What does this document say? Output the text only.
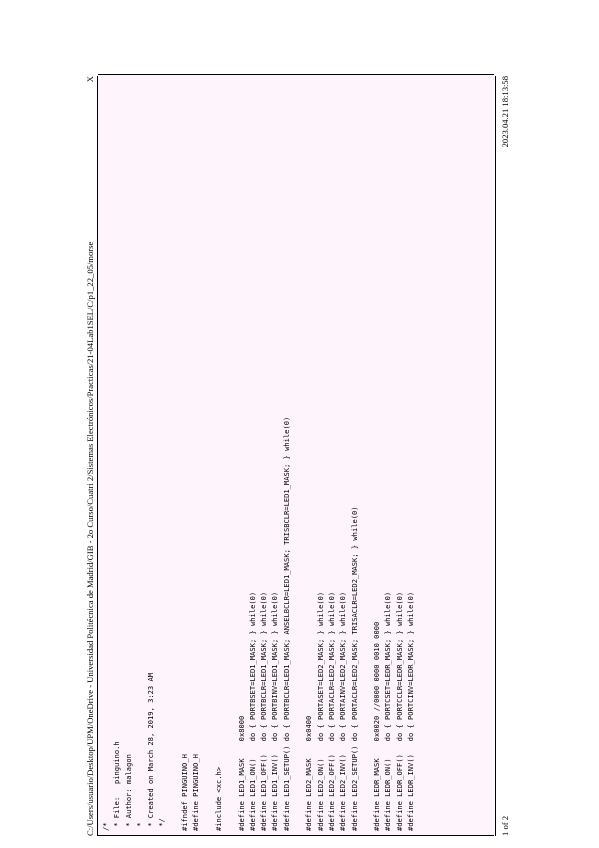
C:/Users/usuario/Desktop/UPM/OneDrive - Universidad Politécnica de Madrid/GIB - 2o Curso/Cuatri 2/Sistemas Electrónicos/Practicas/21-04Lab1SEL/C/p1_22_05/morse
X
/* * File:   pinguino.h * Author: malagon * * Created on March 28, 2019, 3:23 AM */ #ifndef PINGUINO_H #define PINGUINO_H #include <xc.h> #define LED1_MASK    0x8000 #define LED1_ON()    do { PORTBSET=LED1_MASK; } while(0) #define LED1_OFF()   do { PORTBCLR=LED1_MASK; } while(0) #define LED1_INV()   do { PORTBINV=LED1_MASK; } while(0) #define LED1_SETUP() do { PORTBCLR=LED1_MASK; ANSELBCLR=LED1_MASK; TRISBCLR=LED1_MASK; } while(0) #define LED2_MASK    0x0400 #define LED2_ON()    do { PORTASET=LED2_MASK; } while(0) #define LED2_OFF()   do { PORTACLR=LED2_MASK; } while(0) #define LED2_INV()   do { PORTAINV=LED2_MASK; } while(0) #define LED2_SETUP() do { PORTACLR=LED2_MASK; TRISACLR=LED2_MASK; } while(0) #define LEDR_MASK    0x0020 //0000 0000 0010 0000 #define LEDR_ON()    do { PORTCSET=LEDR_MASK; } while(0) #define LEDR_OFF()   do { PORTCCLR=LEDR_MASK; } while(0) #define LEDR_INV()   do { PORTCINV=LEDR_MASK; } while(0)	1 of 2
2023.04.21 18:13:58
